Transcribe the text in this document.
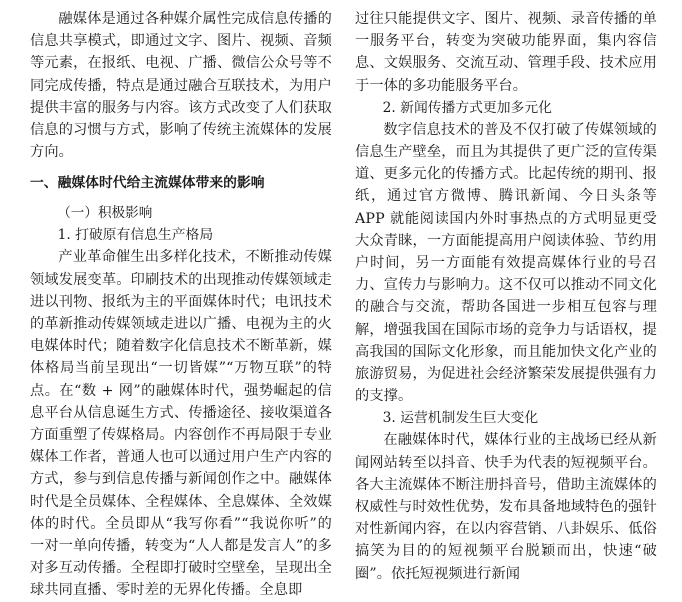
融媒体是通过各种媒介属性完成信息传播的信息共享模式，即通过文字、图片、视频、音频等元素，在报纸、电视、广播、微信公众号等不同完成传播，特点是通过融合互联技术，为用户提供丰富的服务与内容。该方式改变了人们获取信息的习惯与方式，影响了传统主流媒体的发展方向。

一、融媒体时代给主流媒体带来的影响
（一）积极影响
1. 打破原有信息生产格局

产业革命催生出多样化技术，不断推动传媒领域发展变革。印刷技术的出现推动传媒领域走进以刊物、报纸为主的平面媒体时代；电讯技术的革新推动传媒领域走进以广播、电视为主的火电媒体时代；随着数字化信息技术不断革新，媒体格局当前呈现出“一切皆媒”“万物互联”的特点。在“数 + 网”的融媒体时代，强势崛起的信息平台从信息诞生方式、传播途径、接收渠道各方面重塑了传媒格局。内容创作不再局限于专业媒体工作者，普通人也可以通过用户生产内容的方式，参与到信息传播与新闻创作之中。融媒体时代是全员媒体、全程媒体、全息媒体、全效媒体的时代。全员即从“我写你看”“我说你听”的一对一单向传播，转变为“人人都是发言人”的多对多互动传播。全程即打破时空壁垒，呈现出全球共同直播、零时差的无界化传播。全息即

过往只能提供文字、图片、视频、录音传播的单一服务平台，转变为突破功能界面，集内容信息、文娱服务、交流互动、管理手段、技术应用于一体的多功能服务平台。

2. 新闻传播方式更加多元化

数字信息技术的普及不仅打破了传媒领域的信息生产壁垒，而且为其提供了更广泛的宣传渠道、更多元化的传播方式。比起传统的期刊、报纸，通过官方微博、腾讯新闻、今日头条等 APP 就能阅读国内外时事热点的方式明显更受大众青睐，一方面能提高用户阅读体验、节约用户时间，另一方面能有效提高媒体行业的号召力、宣传力与影响力。这不仅可以推动不同文化的融合与交流，帮助各国进一步相互包容与理解，增强我国在国际市场的竞争力与话语权，提高我国的国际文化形象，而且能加快文化产业的旅游贸易，为促进社会经济繁荣发展提供强有力的支撑。

3. 运营机制发生巨大变化

在融媒体时代，媒体行业的主战场已经从新闻网站转至以抖音、快手为代表的短视频平台。各大主流媒体不断注册抖音号，借助主流媒体的权威性与时效性优势，发布具备地域特色的强针对性新闻内容，在以内容营销、八卦娱乐、低俗搞笑为目的的短视频平台脱颖而出，快速“破圈”。依托短视频进行新闻
